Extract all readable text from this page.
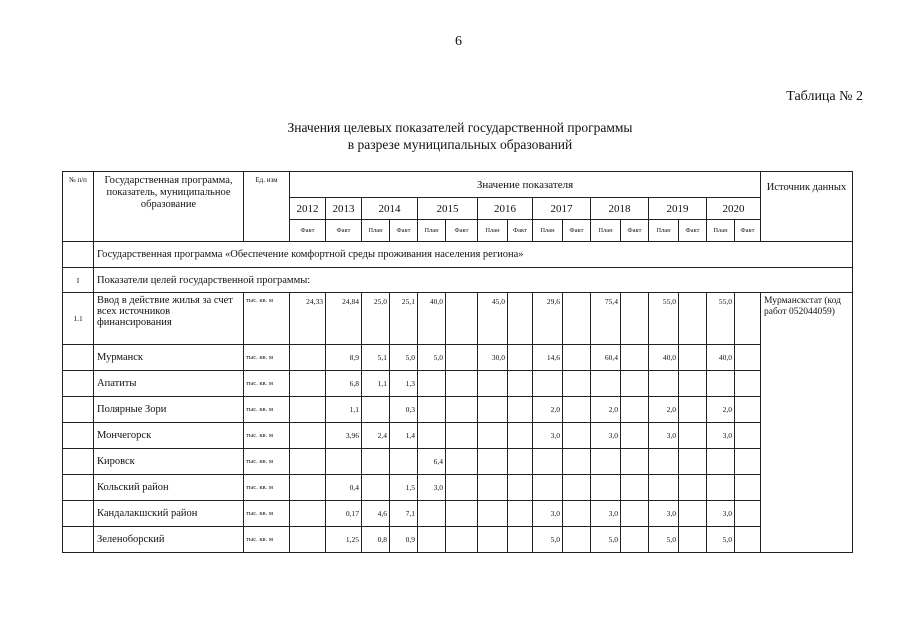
6
Таблица № 2
Значения целевых показателей государственной программы
в разрезе муниципальных образований
№ п/п	Государственная программа, показатель, муниципальное образование	Ед. изм	Значение показателя																Источник данных
			2012	2013	2014		2015		2016		2017		2018		2019		2020		
			Факт	Факт	План	Факт	План	Факт	План	Факт	План	Факт	План	Факт	План	Факт	План	Факт	
	Государственная программа «Обеспечение комфортной среды проживания населения региона»																		
I	Показатели целей государственной программы:																		
1.1	Ввод в действие жилья за счет всех источников финансирования	тыс. кв. м	24,33	24,84	25,0	25,1	40,0		45,0		29,6		75,4		55,0		55,0		Мурманскстат (код работ 052044059)
	Мурманск	тыс. кв. м		8,9	5,1	5,0	5,0		30,0		14,6		60,4		40,0		40,0		
	Апатиты	тыс. кв. м		6,8	1,1	1,3													
	Полярные Зори	тыс. кв. м		1,1		0,3					2,0		2,0		2,0		2,0		
	Мончегорск	тыс. кв. м		3,96	2,4	1,4					3,0		3,0		3,0		3,0		
	Кировск	тыс. кв. м					6,4												
	Кольский район	тыс. кв. м		0,4		1,5	3,0												
	Кандалакшский район	тыс. кв. м		0,17	4,6	7,1					3,0		3,0		3,0		3,0		
	Зеленоборский	тыс. кв. м		1,25	0,8	0,9					5,0		5,0		5,0		5,0		
